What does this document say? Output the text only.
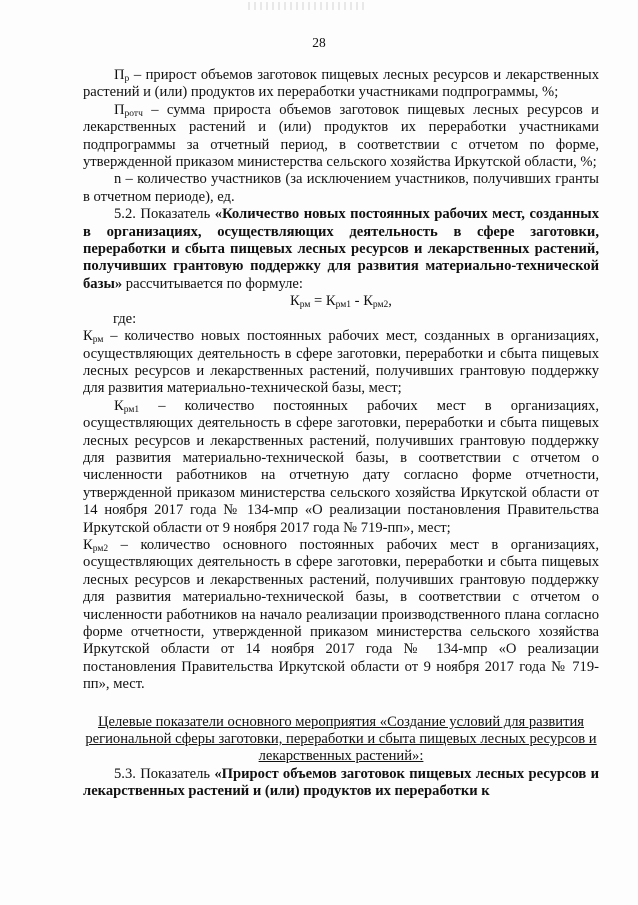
28

$П_р$ – прирост объемов заготовок пищевых лесных ресурсов и лекарственных растений и (или) продуктов их переработки участниками подпрограммы, %;

$П_{ротч}$ – сумма прироста объемов заготовок пищевых лесных ресурсов и лекарственных растений и (или) продуктов их переработки участниками подпрограммы за отчетный период, в соответствии с отчетом по форме, утвержденной приказом министерства сельского хозяйства Иркутской области, %;

n – количество участников (за исключением участников, получивших гранты в отчетном периоде), ед.

5.2. Показатель «Количество новых постоянных рабочих мест, созданных в организациях, осуществляющих деятельность в сфере заготовки, переработки и сбыта пищевых лесных ресурсов и лекарственных растений, получивших грантовую поддержку для развития материально-технической базы» рассчитывается по формуле:

$К_{рм} = К_{рм1} - К_{рм2}$,

где:

$К_{рм}$ – количество новых постоянных рабочих мест, созданных в организациях, осуществляющих деятельность в сфере заготовки, переработки и сбыта пищевых лесных ресурсов и лекарственных растений, получивших грантовую поддержку для развития материально-технической базы, мест;

$К_{рм1}$ – количество постоянных рабочих мест в организациях, осуществляющих деятельность в сфере заготовки, переработки и сбыта пищевых лесных ресурсов и лекарственных растений, получивших грантовую поддержку для развития материально-технической базы, в соответствии с отчетом о численности работников на отчетную дату согласно форме отчетности, утвержденной приказом министерства сельского хозяйства Иркутской области от 14 ноября 2017 года № 134-мпр «О реализации постановления Правительства Иркутской области от 9 ноября 2017 года № 719-пп», мест;

$К_{рм2}$ – количество основного постоянных рабочих мест в организациях, осуществляющих деятельность в сфере заготовки, переработки и сбыта пищевых лесных ресурсов и лекарственных растений, получивших грантовую поддержку для развития материально-технической базы, в соответствии с отчетом о численности работников на начало реализации производственного плана согласно форме отчетности, утвержденной приказом министерства сельского хозяйства Иркутской области от 14 ноября 2017 года № 134-мпр «О реализации постановления Правительства Иркутской области от 9 ноября 2017 года № 719-пп», мест.

Целевые показатели основного мероприятия «Создание условий для развития региональной сферы заготовки, переработки и сбыта пищевых лесных ресурсов и лекарственных растений»:

5.3. Показатель «Прирост объемов заготовок пищевых лесных ресурсов и лекарственных растений и (или) продуктов их переработки к
